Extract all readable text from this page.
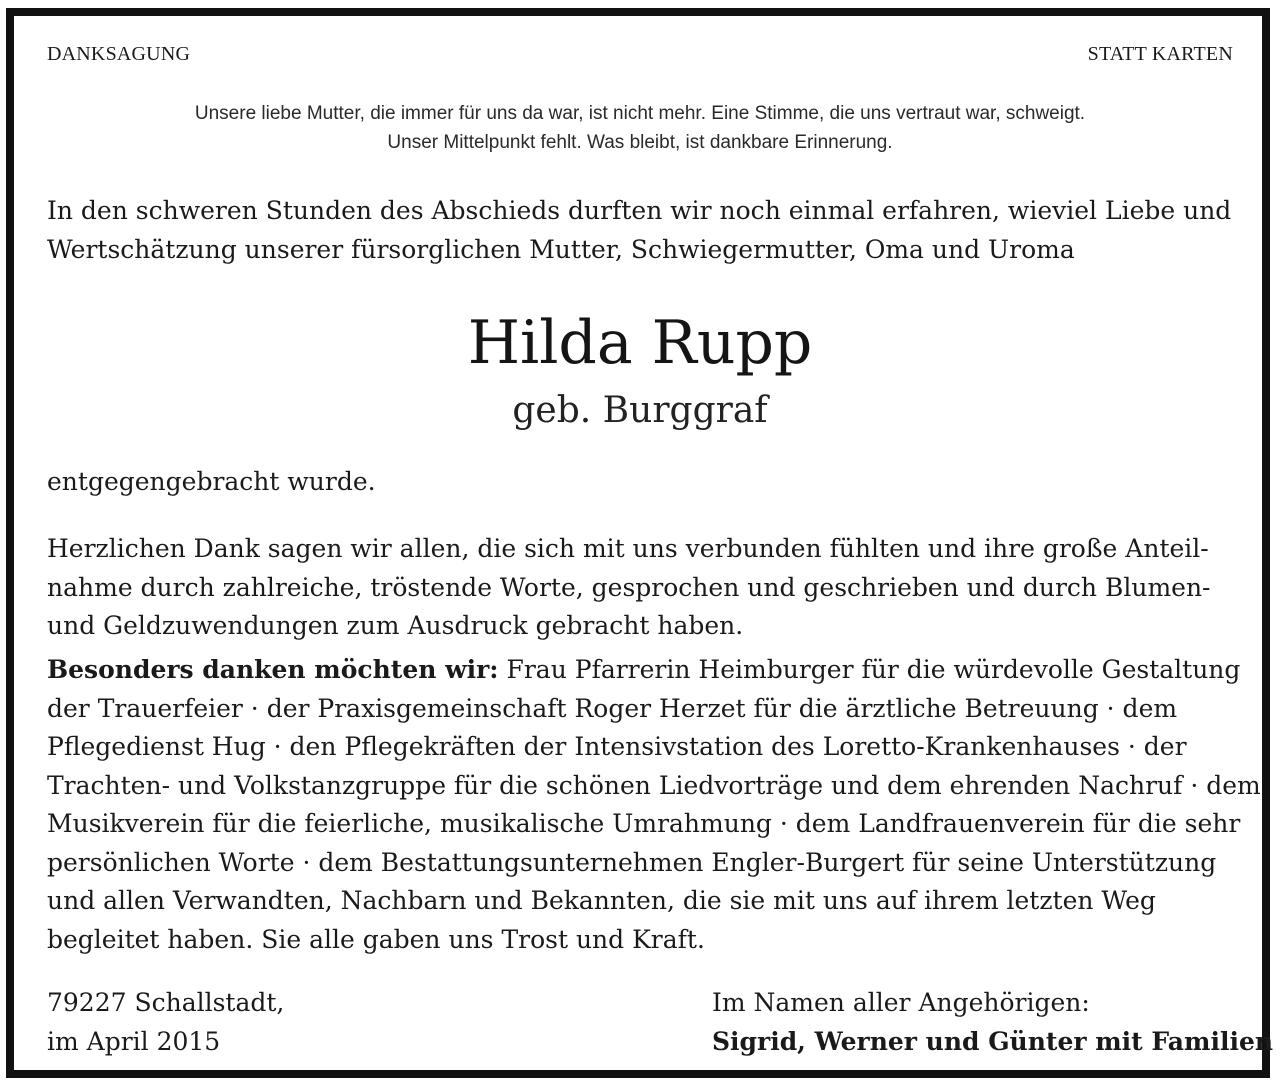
DANKSAGUNG	STATT KARTEN
Unsere liebe Mutter, die immer für uns da war, ist nicht mehr. Eine Stimme, die uns vertraut war, schweigt.
Unser Mittelpunkt fehlt. Was bleibt, ist dankbare Erinnerung.
In den schweren Stunden des Abschieds durften wir noch einmal erfahren, wieviel Liebe und
Wertschätzung unserer fürsorglichen Mutter, Schwiegermutter, Oma und Uroma
Hilda Rupp
geb. Burggraf
entgegengebracht wurde.
Herzlichen Dank sagen wir allen, die sich mit uns verbunden fühlten und ihre große Anteil-
nahme durch zahlreiche, tröstende Worte, gesprochen und geschrieben und durch Blumen-
und Geldzuwendungen zum Ausdruck gebracht haben.
Besonders danken möchten wir: Frau Pfarrerin Heimburger für die würdevolle Gestaltung
der Trauerfeier · der Praxisgemeinschaft Roger Herzet für die ärztliche Betreuung · dem
Pflegedienst Hug · den Pflegekräften der Intensivstation des Loretto-Krankenhauses · der
Trachten- und Volkstanzgruppe für die schönen Liedvorträge und dem ehrenden Nachruf · dem
Musikverein für die feierliche, musikalische Umrahmung · dem Landfrauenverein für die sehr
persönlichen Worte · dem Bestattungsunternehmen Engler-Burgert für seine Unterstützung
und allen Verwandten, Nachbarn und Bekannten, die sie mit uns auf ihrem letzten Weg
begleitet haben. Sie alle gaben uns Trost und Kraft.
79227 Schallstadt,
im April 2015
Im Namen aller Angehörigen:
Sigrid, Werner und Günter mit Familien
